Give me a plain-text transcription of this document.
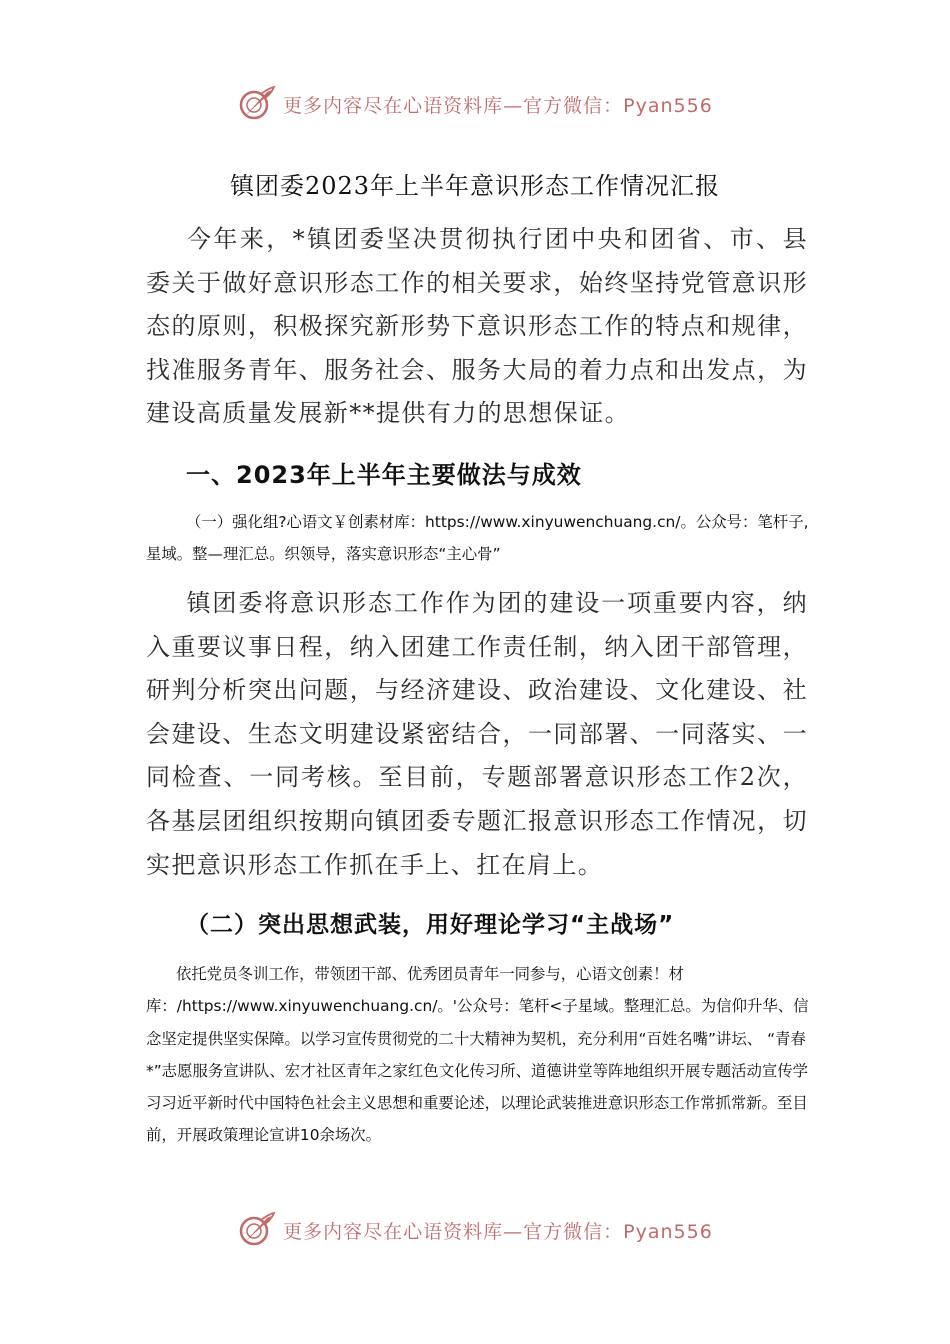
更多内容尽在心语资料库—官方微信：Pyan556
镇团委2023年上半年意识形态工作情况汇报
今年来，*镇团委坚决贯彻执行团中央和团省、市、县委关于做好意识形态工作的相关要求，始终坚持党管意识形态的原则，积极探究新形势下意识形态工作的特点和规律，找准服务青年、服务社会、服务大局的着力点和出发点，为建设高质量发展新**提供有力的思想保证。
一、2023年上半年主要做法与成效
（一）强化组?心语文￥创素材库：https://www.xinyuwenchuang.cn/。公众号：笔杆子,星域。整—理汇总。织领导，落实意识形态“主心骨”
镇团委将意识形态工作作为团的建设一项重要内容，纳入重要议事日程，纳入团建工作责任制，纳入团干部管理，研判分析突出问题，与经济建设、政治建设、文化建设、社会建设、生态文明建设紧密结合，一同部署、一同落实、一同检查、一同考核。至目前，专题部署意识形态工作2次，各基层团组织按期向镇团委专题汇报意识形态工作情况，切实把意识形态工作抓在手上、扛在肩上。
（二）突出思想武装，用好理论学习“主战场”
依托党员冬训工作，带领团干部、优秀团员青年一同参与，心语文创素！材库：/https://www.xinyuwenchuang.cn/。'公众号：笔杆<子星域。整理汇总。为信仰升华、信念坚定提供坚实保障。以学习宣传贯彻党的二十大精神为契机，充分利用“百姓名嘴”讲坛、 “青春*”志愿服务宣讲队、宏才社区青年之家红色文化传习所、道德讲堂等阵地组织开展专题活动宣传学习习近平新时代中国特色社会主义思想和重要论述，以理论武装推进意识形态工作常抓常新。至目前，开展政策理论宣讲10余场次。
更多内容尽在心语资料库—官方微信：Pyan556
